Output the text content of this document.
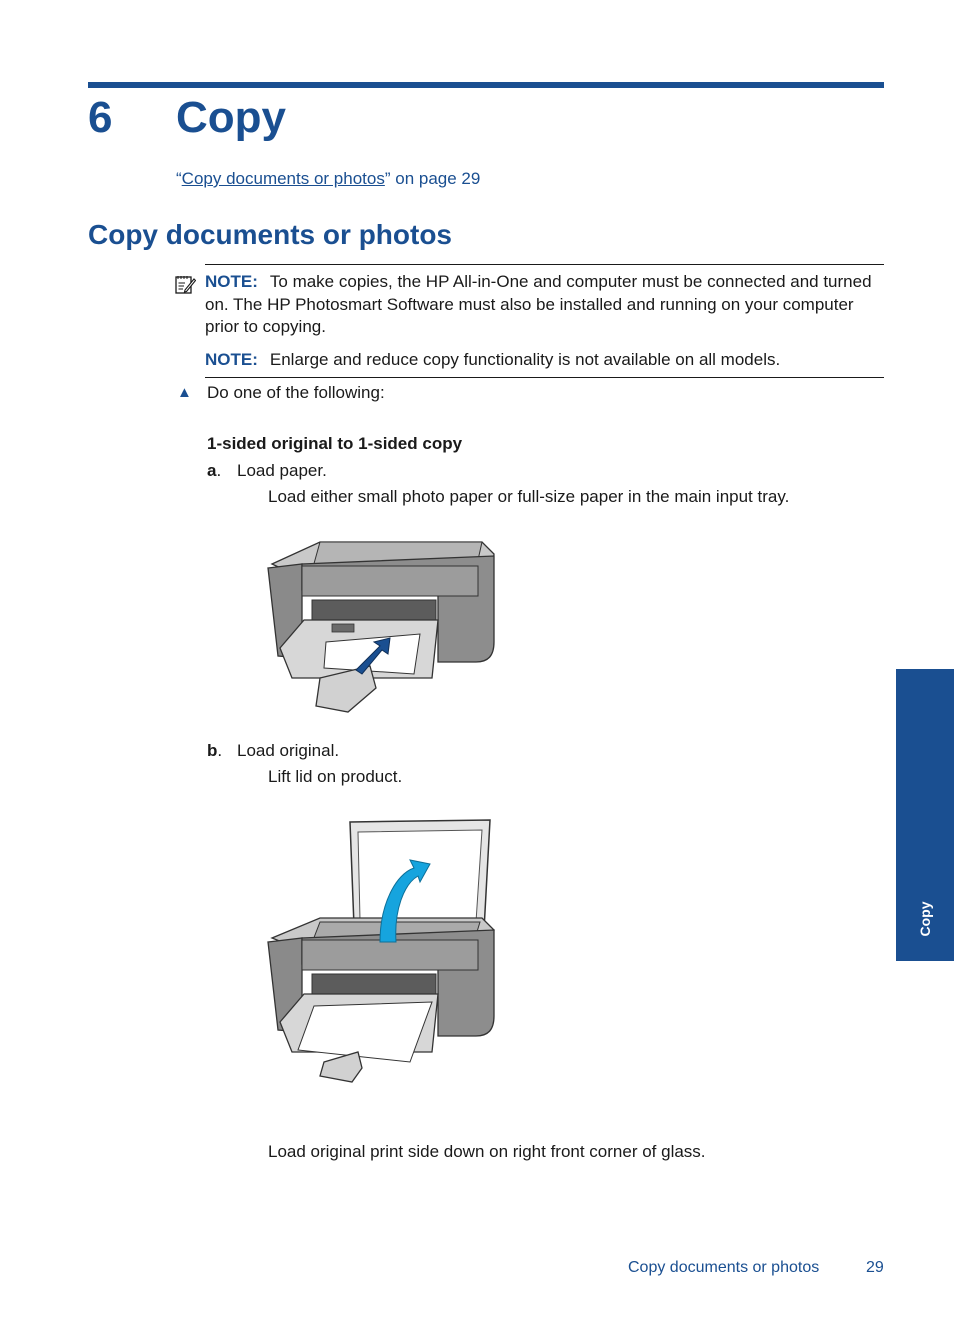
6 Copy
“Copy documents or photos” on page 29
Copy documents or photos
NOTE: To make copies, the HP All-in-One and computer must be connected and turned on. The HP Photosmart Software must also be installed and running on your computer prior to copying.
NOTE: Enlarge and reduce copy functionality is not available on all models.
▲ Do one of the following:
1-sided original to 1-sided copy
a. Load paper.
Load either small photo paper or full-size paper in the main input tray.
b. Load original.
Lift lid on product.
Load original print side down on right front corner of glass.
Copy
Copy documents or photos	29
